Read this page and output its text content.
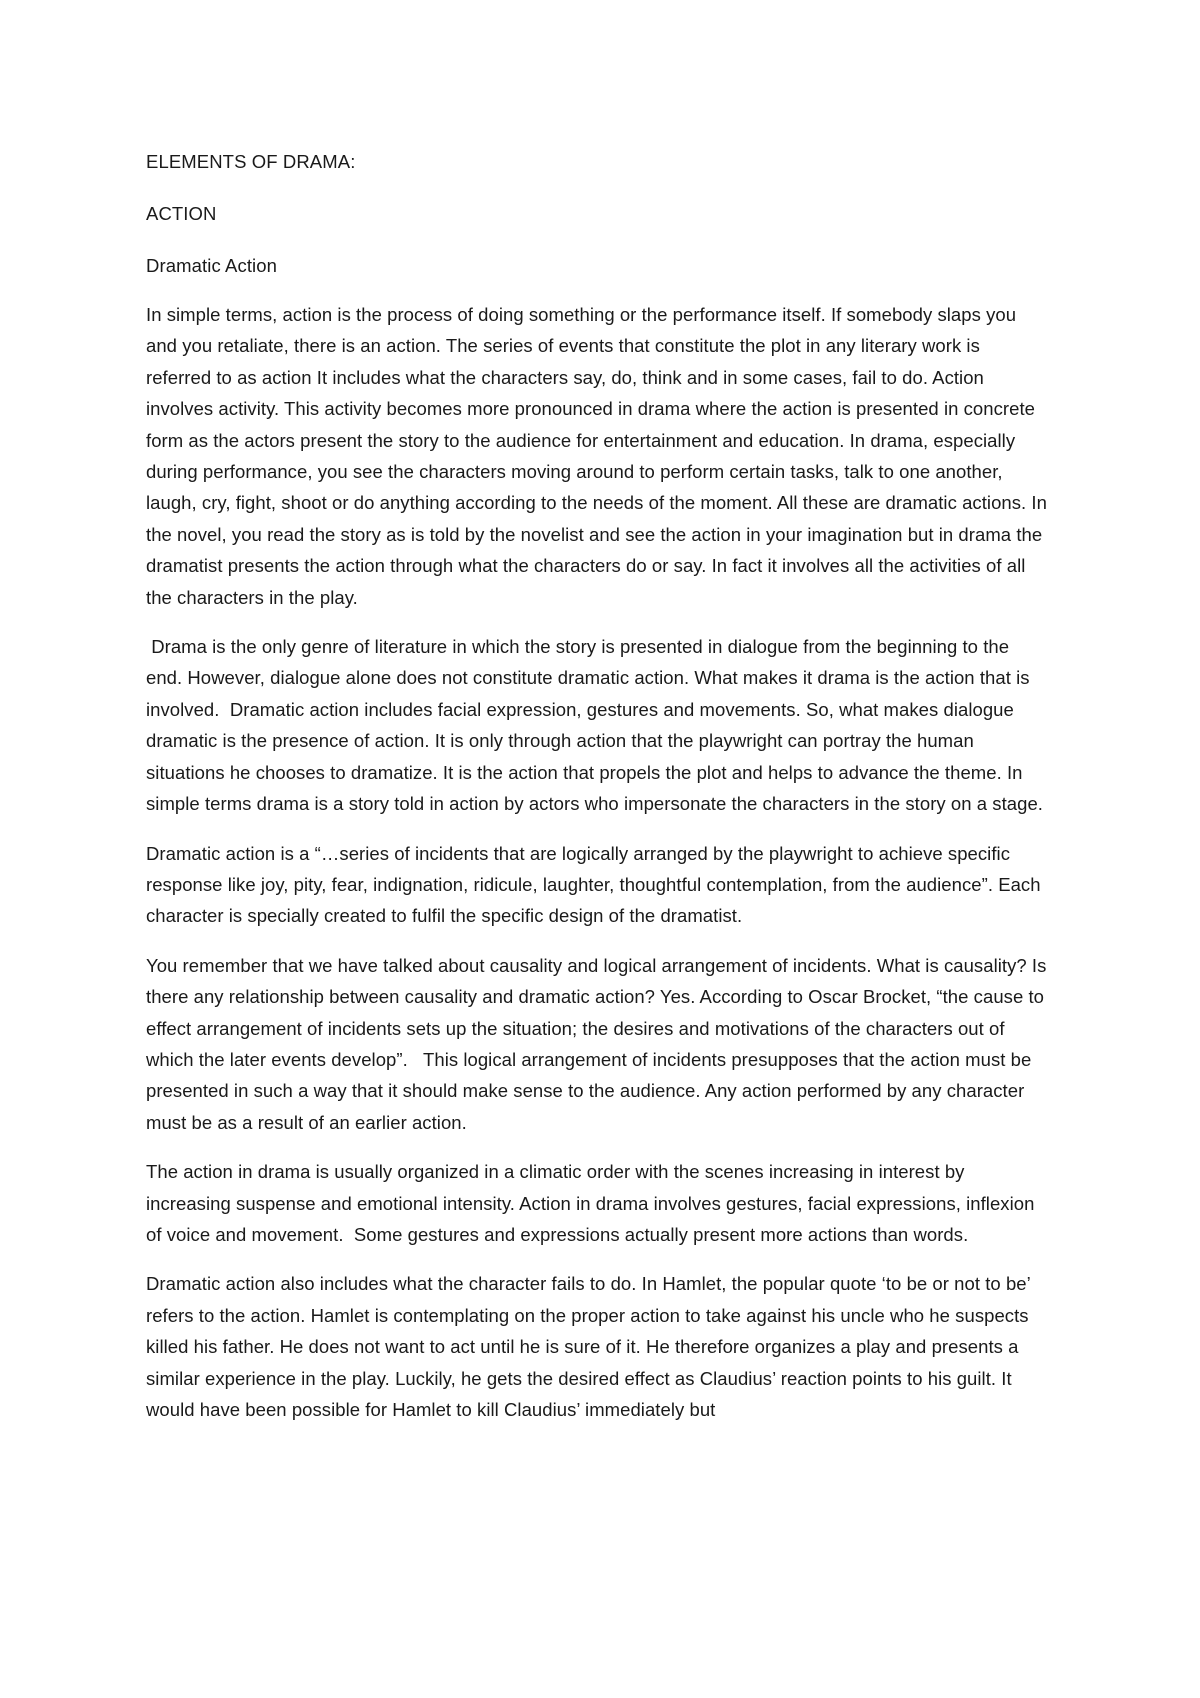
ELEMENTS OF DRAMA:
ACTION
Dramatic Action

In simple terms, action is the process of doing something or the performance itself. If somebody slaps you and you retaliate, there is an action. The series of events that constitute the plot in any literary work is referred to as action It includes what the characters say, do, think and in some cases, fail to do. Action involves activity. This activity becomes more pronounced in drama where the action is presented in concrete form as the actors present the story to the audience for entertainment and education. In drama, especially during performance, you see the characters moving around to perform certain tasks, talk to one another, laugh, cry, fight, shoot or do anything according to the needs of the moment. All these are dramatic actions. In the novel, you read the story as is told by the novelist and see the action in your imagination but in drama the dramatist presents the action through what the characters do or say. In fact it involves all the activities of all the characters in the play.

Drama is the only genre of literature in which the story is presented in dialogue from the beginning to the end. However, dialogue alone does not constitute dramatic action. What makes it drama is the action that is involved.  Dramatic action includes facial expression, gestures and movements. So, what makes dialogue dramatic is the presence of action. It is only through action that the playwright can portray the human situations he chooses to dramatize. It is the action that propels the plot and helps to advance the theme. In simple terms drama is a story told in action by actors who impersonate the characters in the story on a stage.

Dramatic action is a “…series of incidents that are logically arranged by the playwright to achieve specific response like joy, pity, fear, indignation, ridicule, laughter, thoughtful contemplation, from the audience”. Each character is specially created to fulfil the specific design of the dramatist.

You remember that we have talked about causality and logical arrangement of incidents. What is causality? Is there any relationship between causality and dramatic action? Yes. According to Oscar Brocket, “the cause to effect arrangement of incidents sets up the situation; the desires and motivations of the characters out of which the later events develop”.   This logical arrangement of incidents presupposes that the action must be presented in such a way that it should make sense to the audience. Any action performed by any character must be as a result of an earlier action.

The action in drama is usually organized in a climatic order with the scenes increasing in interest by increasing suspense and emotional intensity. Action in drama involves gestures, facial expressions, inflexion of voice and movement.  Some gestures and expressions actually present more actions than words.

Dramatic action also includes what the character fails to do. In Hamlet, the popular quote ‘to be or not to be’ refers to the action. Hamlet is contemplating on the proper action to take against his uncle who he suspects killed his father. He does not want to act until he is sure of it. He therefore organizes a play and presents a similar experience in the play. Luckily, he gets the desired effect as Claudius’ reaction points to his guilt. It would have been possible for Hamlet to kill Claudius’ immediately but
